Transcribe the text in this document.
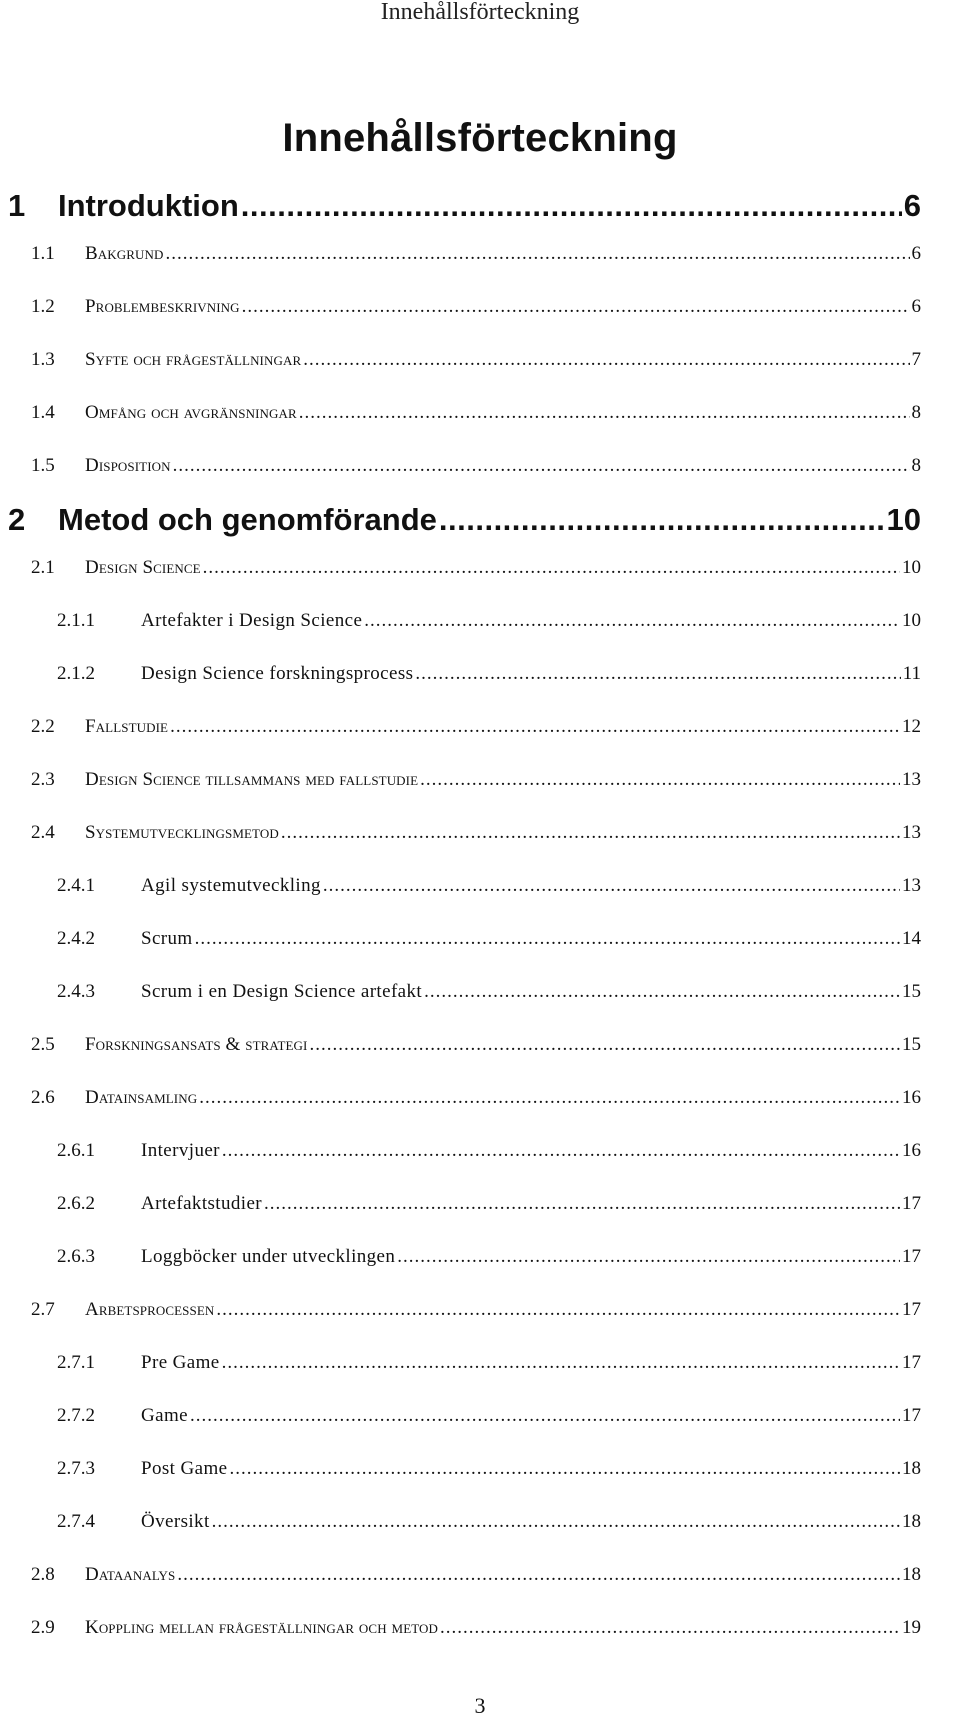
Innehållsförteckning
Innehållsförteckning
1	Introduktion .....	6
1.1	Bakgrund .....	6
1.2	Problembeskrivning .....	6
1.3	Syfte och frågeställningar .....	7
1.4	Omfång och avgränsningar .....	8
1.5	Disposition .....	8
2	Metod och genomförande .....	10
2.1	Design Science .....	10
2.1.1	Artefakter i Design Science .....	10
2.1.2	Design Science forskningsprocess .....	11
2.2	Fallstudie .....	12
2.3	Design Science tillsammans med fallstudie .....	13
2.4	Systemutvecklingsmetod .....	13
2.4.1	Agil systemutveckling .....	13
2.4.2	Scrum .....	14
2.4.3	Scrum i en Design Science artefakt .....	15
2.5	Forskningsansats & strategi .....	15
2.6	Datainsamling .....	16
2.6.1	Intervjuer .....	16
2.6.2	Artefaktstudier .....	17
2.6.3	Loggböcker under utvecklingen .....	17
2.7	Arbetsprocessen .....	17
2.7.1	Pre Game .....	17
2.7.2	Game .....	17
2.7.3	Post Game .....	18
2.7.4	Översikt .....	18
2.8	Dataanalys .....	18
2.9	Koppling mellan frågeställningar och metod .....	19
3
